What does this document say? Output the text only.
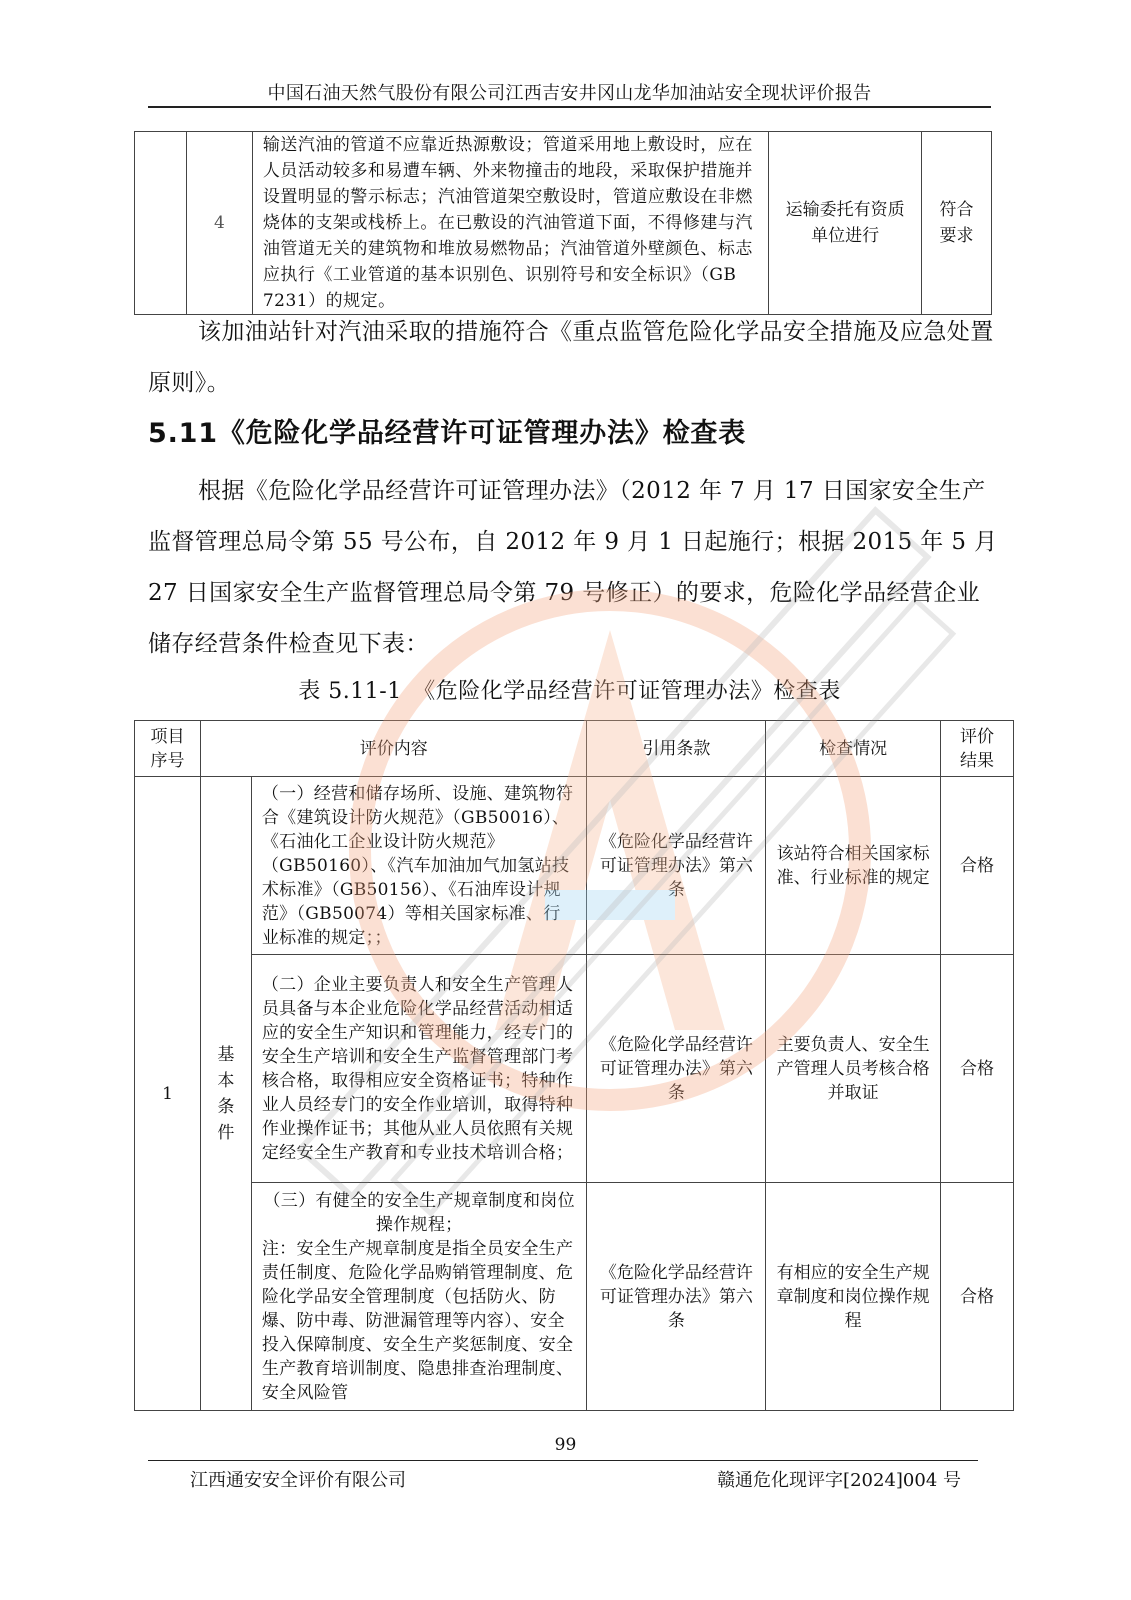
中国石油天然气股份有限公司江西吉安井冈山龙华加油站安全现状评价报告
	4	输送汽油的管道不应靠近热源敷设；管道采用地上敷设时，应在人员活动较多和易遭车辆、外来物撞击的地段，采取保护措施并设置明显的警示标志；汽油管道架空敷设时，管道应敷设在非燃烧体的支架或栈桥上。在已敷设的汽油管道下面，不得修建与汽油管道无关的建筑物和堆放易燃物品；汽油管道外壁颜色、标志应执行《工业管道的基本识别色、识别符号和安全标识》（GB 7231）的规定。	运输委托有资质单位进行	符合要求
该加油站针对汽油采取的措施符合《重点监管危险化学品安全措施及应急处置原则》。
5.11《危险化学品经营许可证管理办法》检查表
根据《危险化学品经营许可证管理办法》（2012 年 7 月 17 日国家安全生产监督管理总局令第 55 号公布，自 2012 年 9 月 1 日起施行；根据 2015 年 5 月 27 日国家安全生产监督管理总局令第 79 号修正）的要求，危险化学品经营企业储存经营条件检查见下表：
表 5.11-1　《危险化学品经营许可证管理办法》检查表
项目序号	评价内容		引用条款	检查情况	评价结果
1	基
本
条
件	（一）经营和储存场所、设施、建筑物符合《建筑设计防火规范》（GB50016）、《石油化工企业设计防火规范》（GB50160）、《汽车加油加气加氢站技术标准》（GB50156）、《石油库设计规范》（GB50074）等相关国家标准、行业标准的规定；；	《危险化学品经营许可证管理办法》第六条	该站符合相关国家标准、行业标准的规定	合格
		（二）企业主要负责人和安全生产管理人员具备与本企业危险化学品经营活动相适应的安全生产知识和管理能力，经专门的安全生产培训和安全生产监督管理部门考核合格，取得相应安全资格证书；特种作业人员经专门的安全作业培训，取得特种作业操作证书；其他从业人员依照有关规定经安全生产教育和专业技术培训合格；	《危险化学品经营许可证管理办法》第六条	主要负责人、安全生产管理人员考核合格并取证	合格

		（三）有健全的安全生产规章制度和岗位操作规程；
注：安全生产规章制度是指全员安全生产责任制度、危险化学品购销管理制度、危险化学品安全管理制度（包括防火、防爆、防中毒、防泄漏管理等内容）、安全投入保障制度、安全生产奖惩制度、安全生产教育培训制度、隐患排查治理制度、安全风险管	《危险化学品经营许可证管理办法》第六条	有相应的安全生产规章制度和岗位操作规程	合格
99
江西通安安全评价有限公司	赣通危化现评字[2024]004 号
